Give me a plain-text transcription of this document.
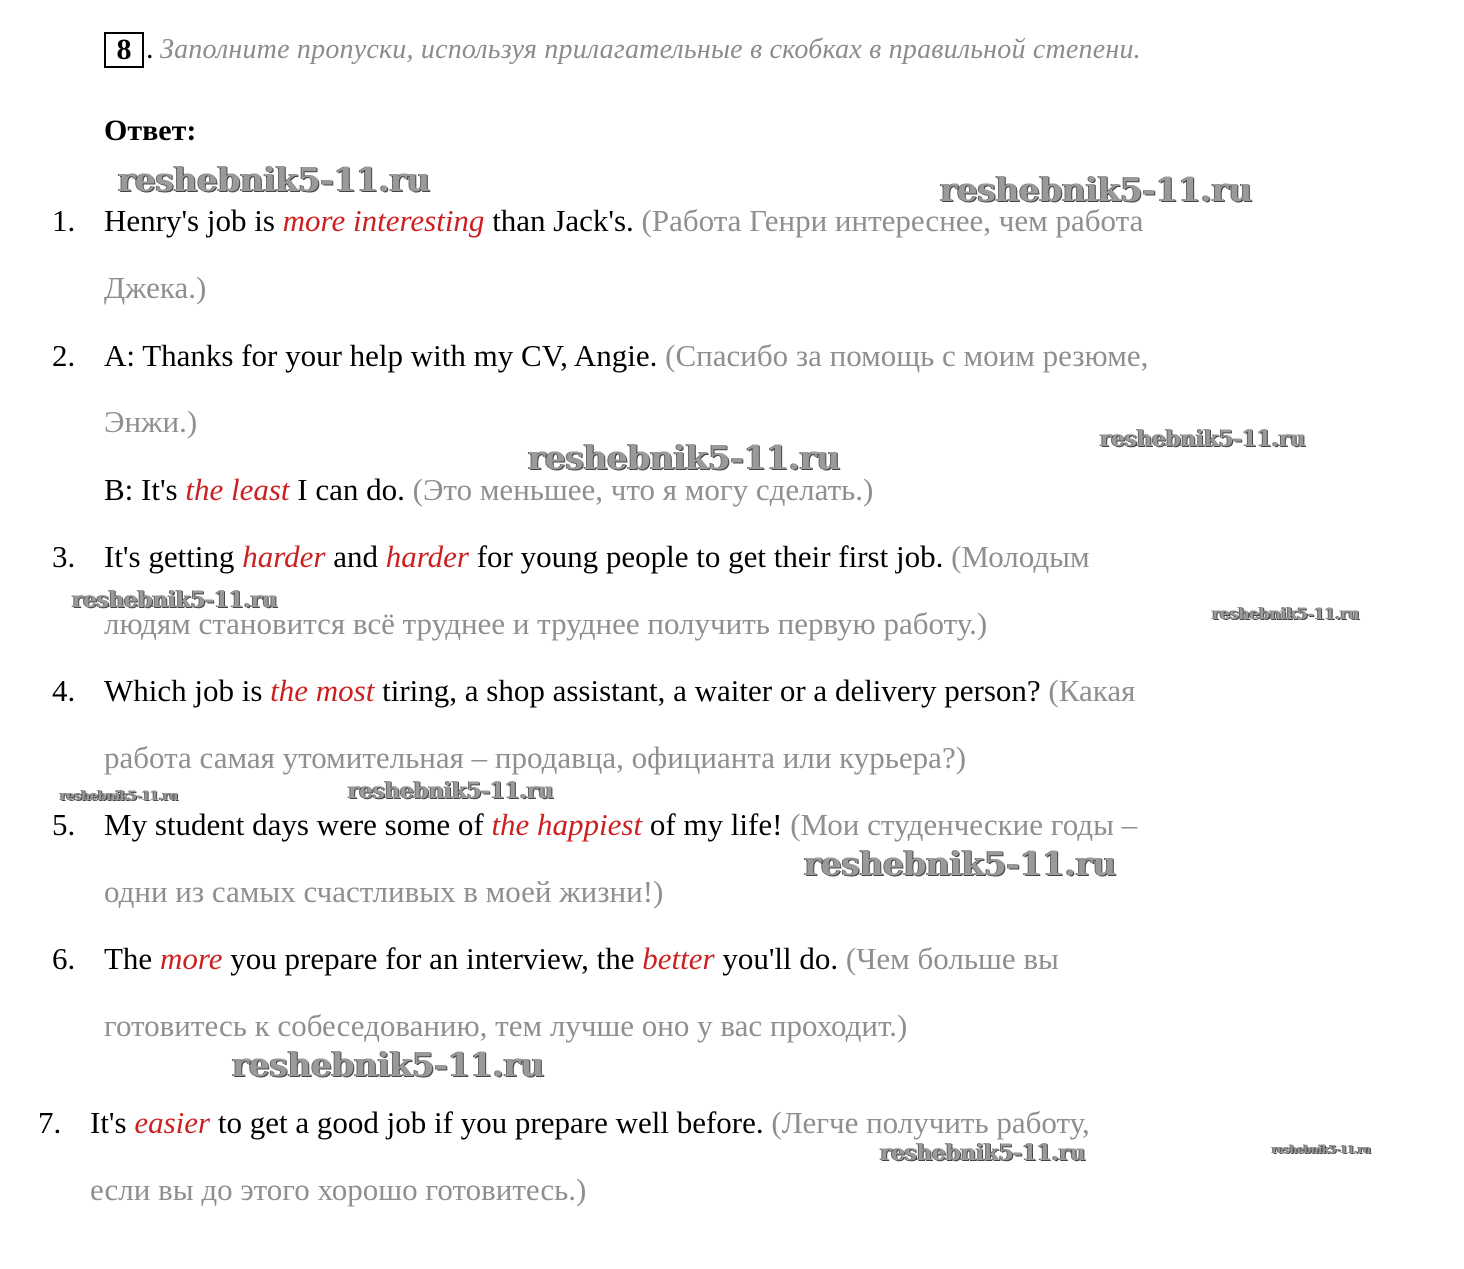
8 . Заполните пропуски, используя прилагательные в скобках в правильной степени.
Ответ:
1. Henry's job is more interesting than Jack's. (Работа Генри интереснее, чем работа
Джека.)
2. A: Thanks for your help with my CV, Angie. (Спасибо за помощь с моим резюме,
Энжи.)
B: It's the least I can do. (Это меньшее, что я могу сделать.)
3. It's getting harder and harder for young people to get their first job. (Молодым
людям становится всё труднее и труднее получить первую работу.)
4. Which job is the most tiring, a shop assistant, a waiter or a delivery person? (Какая
работа самая утомительная – продавца, официанта или курьера?)
5. My student days were some of the happiest of my life! (Мои студенческие годы –
одни из самых счастливых в моей жизни!)
6. The more you prepare for an interview, the better you'll do. (Чем больше вы
готовитесь к собеседованию, тем лучше оно у вас проходит.)
7. It's easier to get a good job if you prepare well before. (Легче получить работу,
если вы до этого хорошо готовитесь.)
reshebnik5-11.ru	reshebnik5-11.ru
reshebnik5-11.ru	reshebnik5-11.ru
reshebnik5-11.ru
reshebnik5-11.ru
reshebnik5-11.ru	reshebnik5-11.ru
reshebnik5-11.ru
reshebnik5-11.ru
reshebnik5-11.ru	reshebnik5-11.ru
